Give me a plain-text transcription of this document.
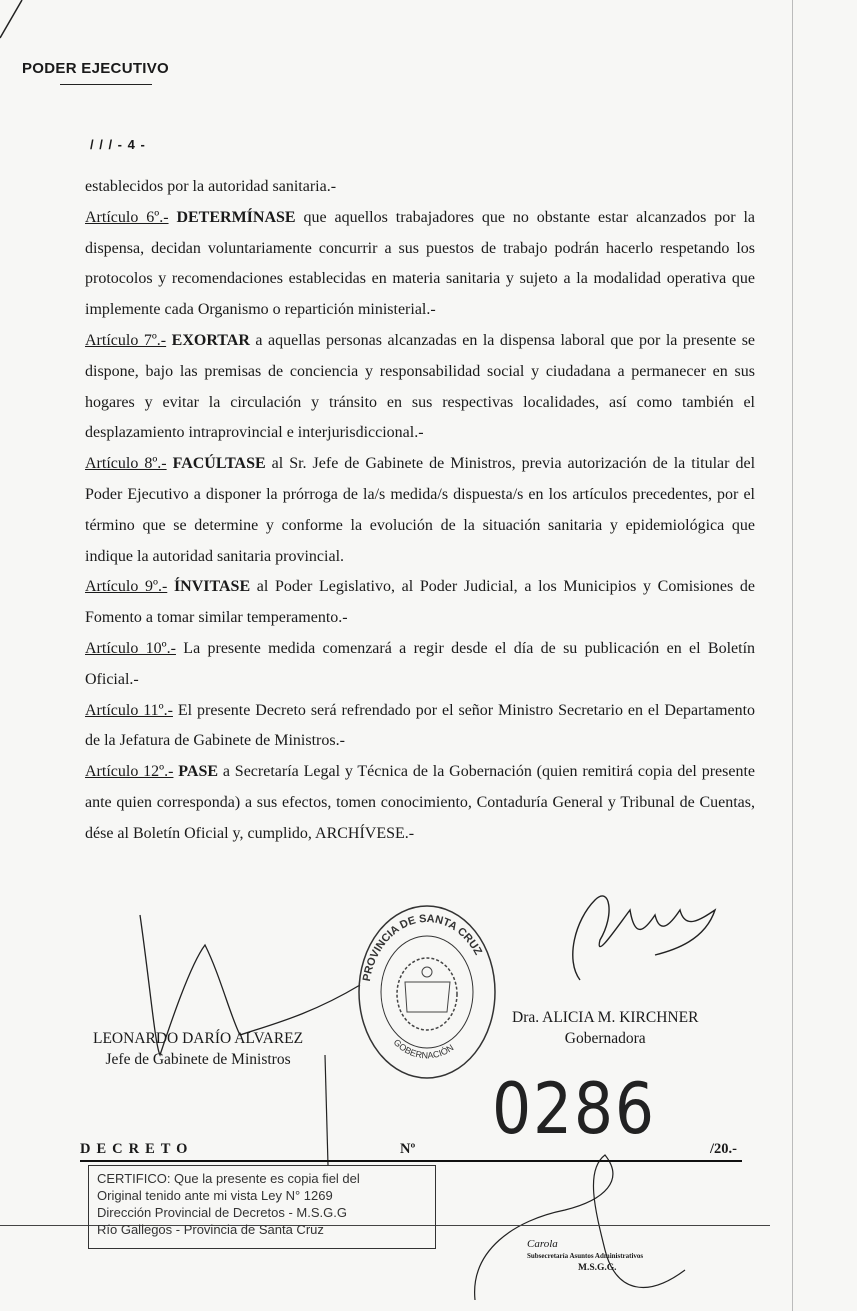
PODER EJECUTIVO
/ / / - 4 -

establecidos por la autoridad sanitaria.-

Artículo 6º.- DETERMÍNASE que aquellos trabajadores que no obstante estar alcanzados por la dispensa, decidan voluntariamente concurrir a sus puestos de trabajo podrán hacerlo respetando los protocolos y recomendaciones establecidas en materia sanitaria y sujeto a la modalidad operativa que implemente cada Organismo o repartición ministerial.-

Artículo 7º.- EXORTAR a aquellas personas alcanzadas en la dispensa laboral que por la presente se dispone, bajo las premisas de conciencia y responsabilidad social y ciudadana a permanecer en sus hogares y evitar la circulación y tránsito en sus respectivas localidades, así como también el desplazamiento intraprovincial e interjurisdiccional.-

Artículo 8º.- FACÚLTASE al Sr. Jefe de Gabinete de Ministros, previa autorización de la titular del Poder Ejecutivo a disponer la prórroga de la/s medida/s dispuesta/s en los artículos precedentes, por el término que se determine y conforme la evolución de la situación sanitaria y epidemiológica que indique la autoridad sanitaria provincial.

Artículo 9º.- ÍNVITASE al Poder Legislativo, al Poder Judicial, a los Municipios y Comisiones de Fomento a tomar similar temperamento.-

Artículo 10º.- La presente medida comenzará a regir desde el día de su publicación en el Boletín Oficial.-

Artículo 11º.- El presente Decreto será refrendado por el señor Ministro Secretario en el Departamento de la Jefatura de Gabinete de Ministros.-

Artículo 12º.- PASE a Secretaría Legal y Técnica de la Gobernación (quien remitirá copia del presente ante quien corresponda) a sus efectos, tomen conocimiento, Contaduría General y Tribunal de Cuentas, dése al Boletín Oficial y, cumplido, ARCHÍVESE.-

PROVINCIA DE SANTA CRUZ
GOBERNACIÓN
LEONARDO DARÍO ALVAREZ
Jefe de Gabinete de Ministros
Dra. ALICIA M. KIRCHNER
Gobernadora
0286
DECRETO	Nº	/20.-
CERTIFICO: Que la presente es copia fiel del
Original tenido ante mi vista Ley N° 1269
Dirección Provincial de Decretos - M.S.G.G
Río Gallegos - Provincia de Santa Cruz
Carola
Subsecretaría Asuntos Administrativos
M.S.G.G.
